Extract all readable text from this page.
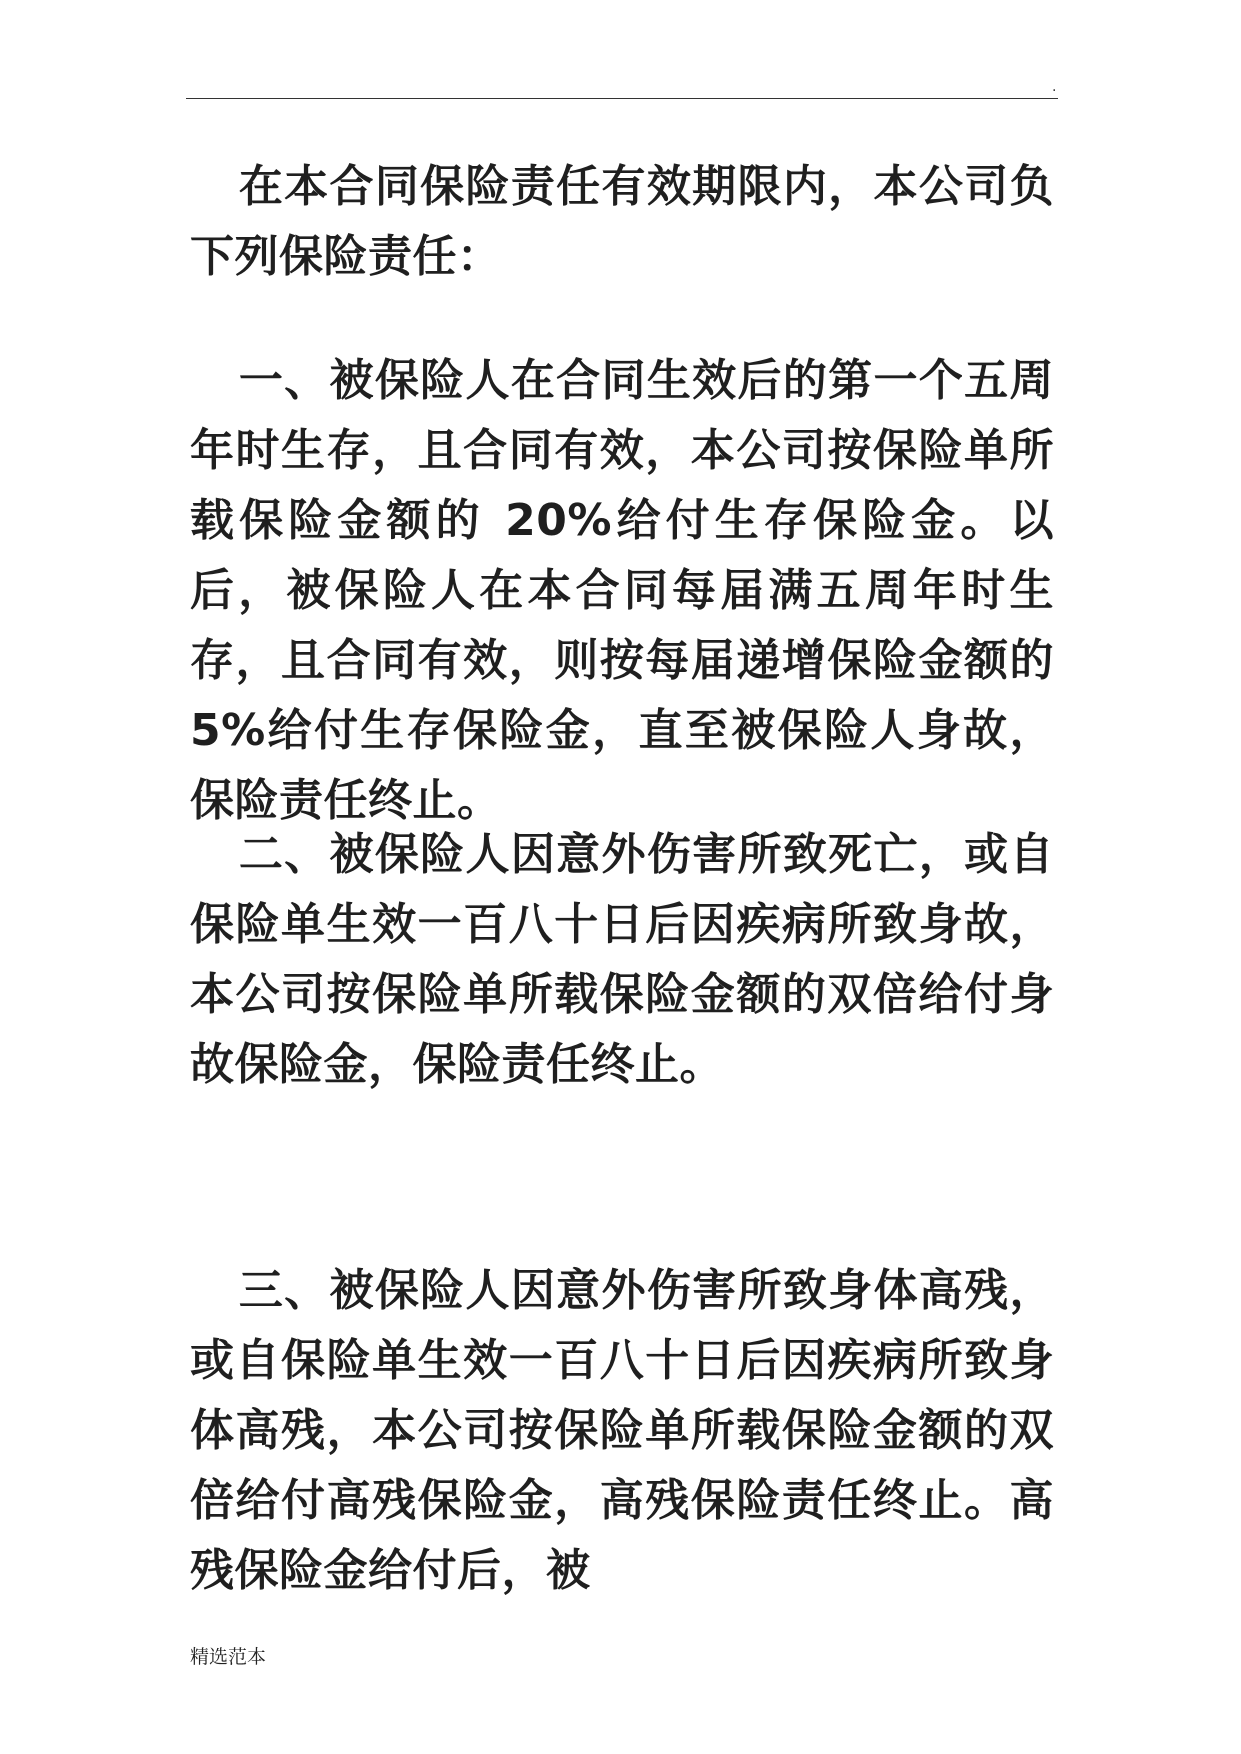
.

在本合同保险责任有效期限内，本公司负下列保险责任：

一、被保险人在合同生效后的第一个五周年时生存，且合同有效，本公司按保险单所载保险金额的 20%给付生存保险金。以后，被保险人在本合同每届满五周年时生存，且合同有效，则按每届递增保险金额的 5%给付生存保险金，直至被保险人身故，保险责任终止。

二、被保险人因意外伤害所致死亡，或自保险单生效一百八十日后因疾病所致身故，本公司按保险单所载保险金额的双倍给付身故保险金，保险责任终止。

三、被保险人因意外伤害所致身体高残，或自保险单生效一百八十日后因疾病所致身体高残，本公司按保险单所载保险金额的双倍给付高残保险金，高残保险责任终止。高残保险金给付后，被

精选范本
